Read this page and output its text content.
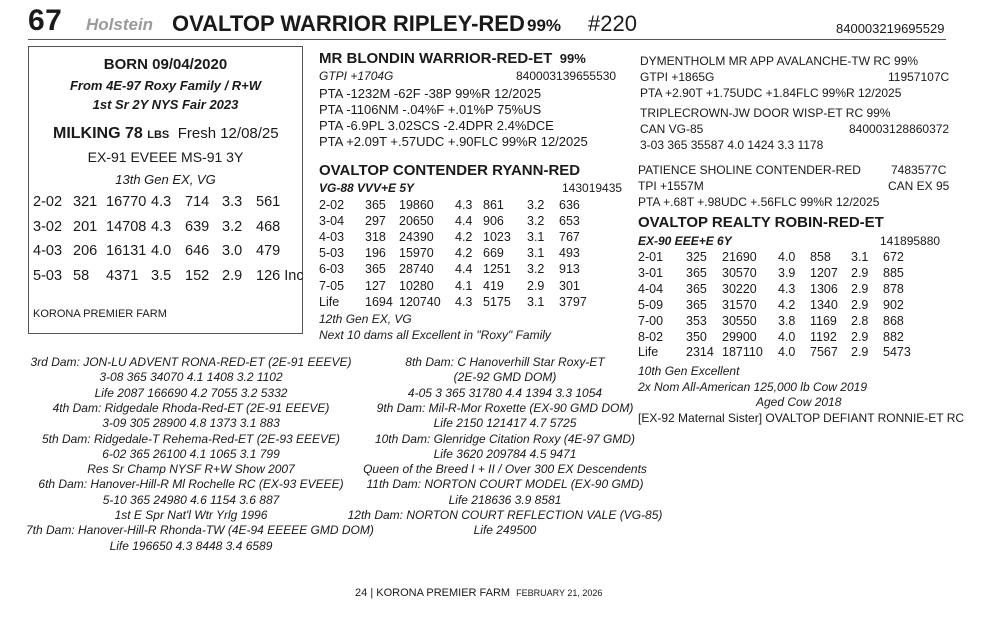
67 Holstein OVALTOP WARRIOR RIPLEY-RED 99% #220	840003219695529
BORN 09/04/2020
From 4E-97 Roxy Family / R+W
1st Sr 2Y NYS Fair 2023
MILKING 78 LBS Fresh 12/08/25
EX-91 EVEEE MS-91 3Y
13th Gen EX, VG
2-02 321 16770 4.3 714 3.3 561
3-02 201 14708 4.3 639 3.2 468
4-03 206 16131 4.0 646 3.0 479
5-03 58 4371 3.5 152 2.9 126 Inc
KORONA PREMIER FARM
MR BLONDIN WARRIOR-RED-ET 99%
GTPI +1704G	840003139655530
PTA -1232M -62F -38P 99%R 12/2025
PTA -1106NM -.04%F +.01%P 75%US
PTA -6.9PL 3.02SCS -2.4DPR 2.4%DCE
PTA +2.09T +.57UDC +.90FLC 99%R 12/2025
OVALTOP CONTENDER RYANN-RED
VG-88 VVV+E 5Y	143019435
2-02 365 19860 4.3 861 3.2 636
3-04 297 20650 4.4 906 3.2 653
4-03 318 24390 4.2 1023 3.1 767
5-03 196 15970 4.2 669 3.1 493
6-03 365 28740 4.4 1251 3.2 913
7-05 127 10280 4.1 419 2.9 301
Life 1694 120740 4.3 5175 3.1 3797
12th Gen EX, VG
Next 10 dams all Excellent in "Roxy" Family
DYMENTHOLM MR APP AVALANCHE-TW RC 99%
GTPI +1865G	11957107C
PTA +2.90T +1.75UDC +1.84FLC 99%R 12/2025
TRIPLECROWN-JW DOOR WISP-ET RC 99%
CAN VG-85	840003128860372
3-03 365 35587 4.0 1424 3.3 1178
PATIENCE SHOLINE CONTENDER-RED	7483577C
TPI +1557M	CAN EX 95
PTA +.68T +.98UDC +.56FLC 99%R 12/2025
OVALTOP REALTY ROBIN-RED-ET
EX-90 EEE+E 6Y	141895880
2-01 325 21690 4.0 858 3.1 672
3-01 365 30570 3.9 1207 2.9 885
4-04 365 30220 4.3 1306 2.9 878
5-09 365 31570 4.2 1340 2.9 902
7-00 353 30550 3.8 1169 2.8 868
8-02 350 29900 4.0 1192 2.9 882
Life 2314 187110 4.0 7567 2.9 5473
10th Gen Excellent
2x Nom All-American 125,000 lb Cow 2019
Aged Cow 2018
[EX-92 Maternal Sister] OVALTOP DEFIANT RONNIE-ET RC
3rd Dam: JON-LU ADVENT RONA-RED-ET (2E-91 EEEVE)
3-08 365 34070 4.1 1408 3.2 1102
Life 2087 166690 4.2 7055 3.2 5332
4th Dam: Ridgedale Rhoda-Red-ET (2E-91 EEEVE)
3-09 305 28900 4.8 1373 3.1 883
5th Dam: Ridgedale-T Rehema-Red-ET (2E-93 EEEVE)
6-02 365 26100 4.1 1065 3.1 799
Res Sr Champ NYSF R+W Show 2007
6th Dam: Hanover-Hill-R Ml Rochelle RC (EX-93 EVEEE)
5-10 365 24980 4.6 1154 3.6 887
1st E Spr Nat'l Wtr Yrlg 1996
7th Dam: Hanover-Hill-R Rhonda-TW (4E-94 EEEEE GMD DOM)
Life 196650 4.3 8448 3.4 6589
8th Dam: C Hanoverhill Star Roxy-ET
(2E-92 GMD DOM)
4-05 3 365 31780 4.4 1394 3.3 1054
9th Dam: Mil-R-Mor Roxette (EX-90 GMD DOM)
Life 2150 121417 4.7 5725
10th Dam: Glenridge Citation Roxy (4E-97 GMD)
Life 3620 209784 4.5 9471
Queen of the Breed I + II / Over 300 EX Descendents
11th Dam: NORTON COURT MODEL (EX-90 GMD)
Life 218636 3.9 8581
12th Dam: NORTON COURT REFLECTION VALE (VG-85)
Life 249500
24 | KORONA PREMIER FARM FEBRUARY 21, 2026
